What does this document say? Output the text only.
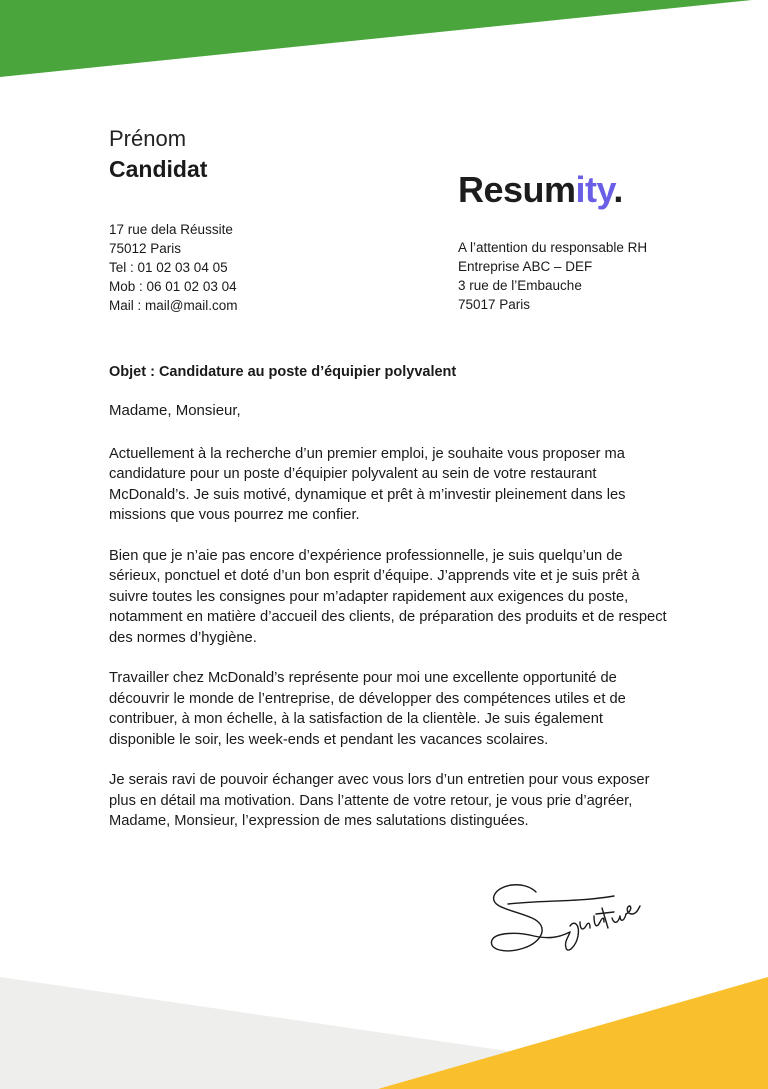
Prénom
Candidat	Resumity.
17 rue dela Réussite
75012 Paris
Tel : 01 02 03 04 05
Mob : 06 01 02 03 04
Mail : mail@mail.com
A l’attention du responsable RH
Entreprise ABC – DEF
3 rue de l’Embauche
75017 Paris
Objet : Candidature au poste d’équipier polyvalent
Madame, Monsieur,

Actuellement à la recherche d’un premier emploi, je souhaite vous proposer ma candidature pour un poste d’équipier polyvalent au sein de votre restaurant McDonald’s. Je suis motivé, dynamique et prêt à m’investir pleinement dans les missions que vous pourrez me confier.

Bien que je n’aie pas encore d’expérience professionnelle, je suis quelqu’un de sérieux, ponctuel et doté d’un bon esprit d’équipe. J’apprends vite et je suis prêt à suivre toutes les consignes pour m’adapter rapidement aux exigences du poste, notamment en matière d’accueil des clients, de préparation des produits et de respect des normes d’hygiène.

Travailler chez McDonald’s représente pour moi une excellente opportunité de découvrir le monde de l’entreprise, de développer des compétences utiles et de contribuer, à mon échelle, à la satisfaction de la clientèle. Je suis également disponible le soir, les week-ends et pendant les vacances scolaires.

Je serais ravi de pouvoir échanger avec vous lors d’un entretien pour vous exposer plus en détail ma motivation. Dans l’attente de votre retour, je vous prie d’agréer, Madame, Monsieur, l’expression de mes salutations distinguées.
